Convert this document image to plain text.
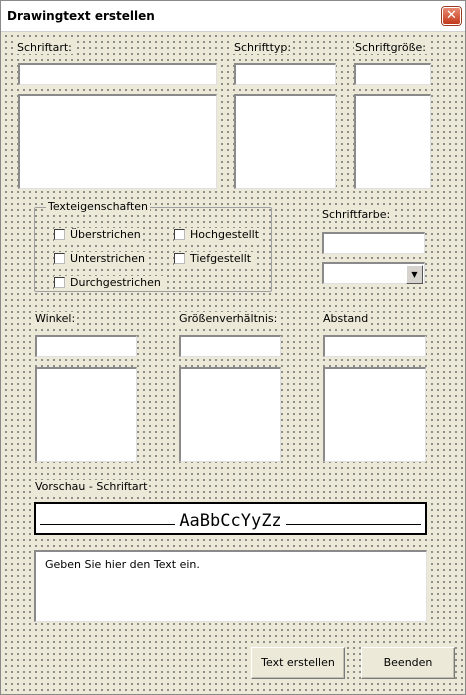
Drawingtext erstellen	✕
Schriftart:	Schrifttyp:	Schriftgröße:
Texteigenschaften
Überstrichen
Unterstrichen
Durchgestrichen
Hochgestellt
Tiefgestellt
Schriftfarbe:
▼
Winkel:	Größenverhältnis:	Abstand
Vorschau - Schriftart
AaBbCcYyZz
Geben Sie hier den Text ein.
Text erstellen	Beenden
